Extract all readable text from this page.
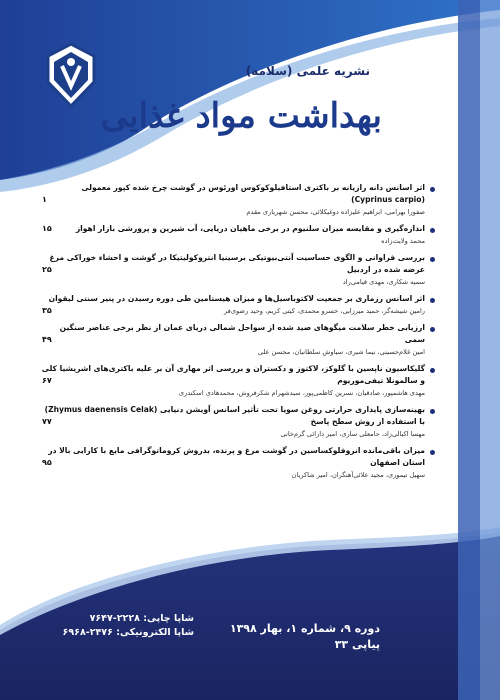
نشریه علمی (سلامه)
بهداشت مواد غذایی
اثر اسانس دانه رازیانه بر باکتری استافیلوکوکوس اورئوس در گوشت چرخ شده کپور معمولی (Cyprinus carpio)
۱
صفورا بهرامی، ابراهیم علیزاده دوغیکلائی، محسن شهریاری مقدم
اندازه‌گیری و مقایسه میزان سلنیوم در برخی ماهیان دریایی، آب شیرین و پرورشی بازار اهواز
۱۵
محمد ولایت‌زاده
بررسی فراوانی و الگوی حساسیت آنتی‌بیوتیکی برسینیا انتروکولیتیکا در گوشت و احشاء خوراکی مرغ عرضه شده در اردبیل
۲۵
سمیه شکاری، مهدی قیامی‌راد
اثر اسانس رزماری بر جمعیت لاکتوباسیل‌ها و میزان هیستامین طی دوره رسیدن در پنیر سنتی لیقوان
۳۵	رامین شیشه‌گر، حمید میرزایی، خسرو محمدی، کیتی کریم، وحید رضوی‌فر
ارزیابی خطر سلامت میگوهای صید شده از سواحل شمالی دریای عمان از نظر برخی عناصر سنگین سمی
۴۹
امین غلام‌حسینی، نیما شیری، سیاوش سلطانیان، محسن علی
گلیکاسیون ناپسین با گلوکز، لاکتوز و دکستران و بررسی اثر مهاری آن بر علیه باکتری‌های اشریشیا کلی و سالمونلا تیفی‌موریوم
۶۷
مهدی هاشمپور، صادقیان، نسرین کاظمی‌پور، سیدشهرام شکرفروش، محمدهادی اسکندری
بهینه‌سازی پایداری حرارتی روغن سویا تحت تأثیر اسانس آویشن دنیایی (Zhymus daenensis Celak) با استفاده از روش سطح پاسخ
۷۷
مهسا اکبالی‌زاد، حامعلی ساری، امیر دارائی گرم‌خانی
میزان باقی‌مانده انروفلوکساسین در گوشت مرغ و پرنده، بدروش کروماتوگرافی مایع با کارایی بالا در استان اصفهان
۹۵
سهیل تیموری، مجید علائی‌آهنگران، امیر شاکریان
شاپا چاپی: ۲۲۲۸-۷۶۴۷
شاپا الکترونیکی: ۲۴۷۶-۶۹۶۸	دوره ۹، شماره ۱، بهار ۱۳۹۸
پیاپی ۳۳
